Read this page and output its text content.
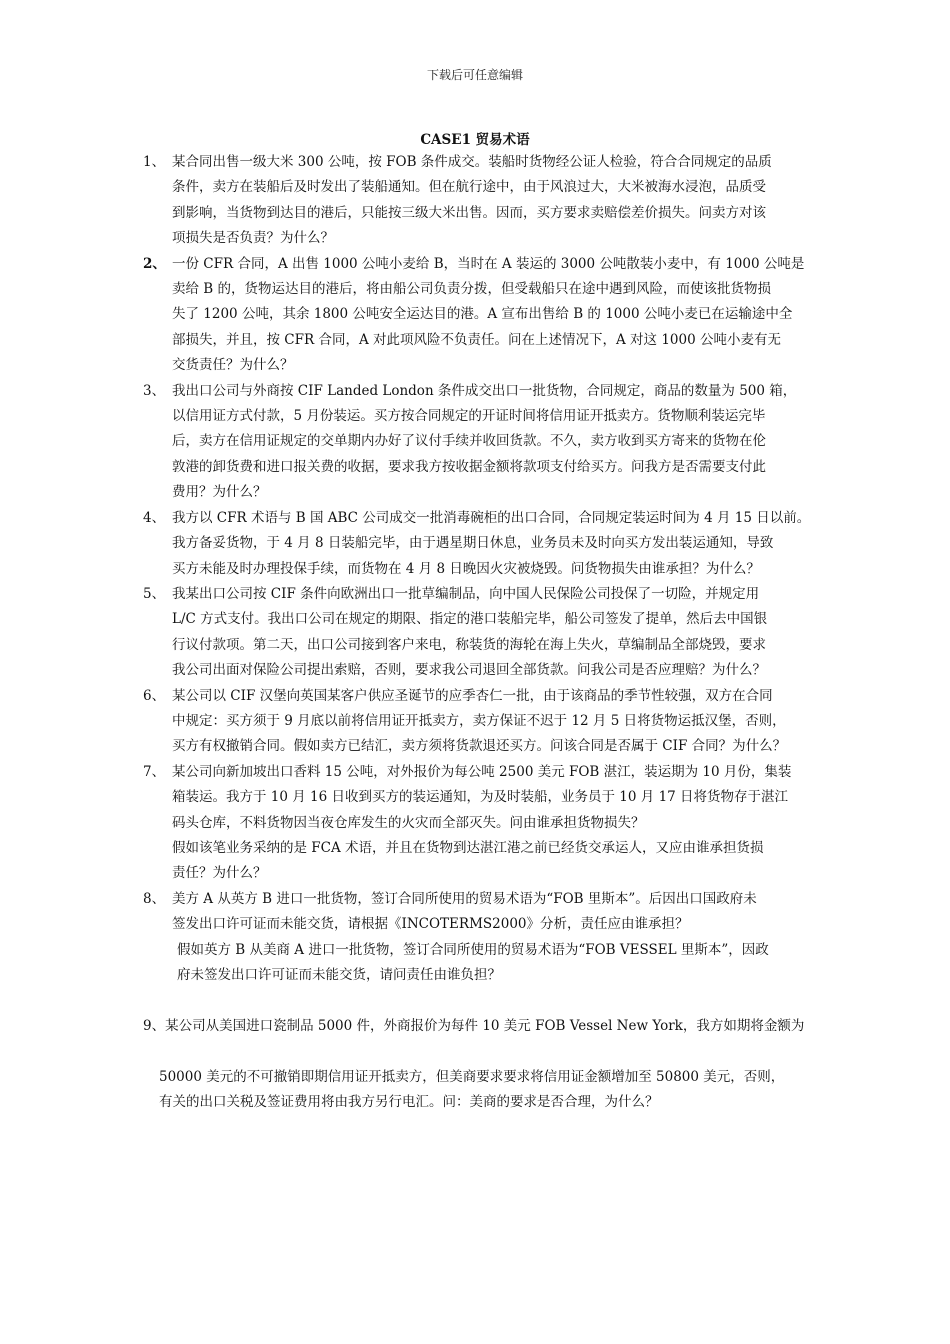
下载后可任意编辑
CASE1 贸易术语
1、 某合同出售一级大米 300 公吨，按 FOB 条件成交。装船时货物经公证人检验，符合合同规定的品质
条件，卖方在装船后及时发出了装船通知。但在航行途中，由于风浪过大，大米被海水浸泡，品质受
到影响，当货物到达目的港后，只能按三级大米出售。因而，买方要求卖赔偿差价损失。问卖方对该
项损失是否负责？为什么？
2、 一份 CFR 合同，A 出售 1000 公吨小麦给 B，当时在 A 装运的 3000 公吨散装小麦中，有 1000 公吨是
卖给 B 的，货物运达目的港后，将由船公司负责分拨，但受载船只在途中遇到风险，而使该批货物损
失了 1200 公吨，其余 1800 公吨安全运达目的港。A 宣布出售给 B 的 1000 公吨小麦已在运输途中全
部损失，并且，按 CFR 合同，A 对此项风险不负责任。问在上述情况下，A 对这 1000 公吨小麦有无
交货责任？为什么？
3、 我出口公司与外商按 CIF Landed London 条件成交出口一批货物，合同规定，商品的数量为 500 箱，
以信用证方式付款，5 月份装运。买方按合同规定的开证时间将信用证开抵卖方。货物顺利装运完毕
后，卖方在信用证规定的交单期内办好了议付手续并收回货款。不久，卖方收到买方寄来的货物在伦
敦港的卸货费和进口报关费的收据，要求我方按收据金额将款项支付给买方。问我方是否需要支付此
费用？为什么？
4、 我方以 CFR 术语与 B 国 ABC 公司成交一批消毒碗柜的出口合同，合同规定装运时间为 4 月 15 日以前。
我方备妥货物，于 4 月 8 日装船完毕，由于遇星期日休息，业务员未及时向买方发出装运通知，导致
买方未能及时办理投保手续，而货物在 4 月 8 日晚因火灾被烧毁。问货物损失由谁承担？为什么？
5、 我某出口公司按 CIF 条件向欧洲出口一批草编制品，向中国人民保险公司投保了一切险，并规定用
L/C 方式支付。我出口公司在规定的期限、指定的港口装船完毕，船公司签发了提单，然后去中国银
行议付款项。第二天，出口公司接到客户来电，称装货的海轮在海上失火，草编制品全部烧毁，要求
我公司出面对保险公司提出索赔，否则，要求我公司退回全部货款。问我公司是否应理赔？为什么？
6、 某公司以 CIF 汉堡向英国某客户供应圣诞节的应季杏仁一批，由于该商品的季节性较强，双方在合同
中规定：买方须于 9 月底以前将信用证开抵卖方，卖方保证不迟于 12 月 5 日将货物运抵汉堡，否则，
买方有权撤销合同。假如卖方已结汇，卖方须将货款退还买方。问该合同是否属于 CIF 合同？为什么？
7、 某公司向新加坡出口香料 15 公吨，对外报价为每公吨 2500 美元 FOB 湛江，装运期为 10 月份，集装
箱装运。我方于 10 月 16 日收到买方的装运通知，为及时装船，业务员于 10 月 17 日将货物存于湛江
码头仓库，不料货物因当夜仓库发生的火灾而全部灭失。问由谁承担货物损失？
假如该笔业务采纳的是 FCA 术语，并且在货物到达湛江港之前已经货交承运人，又应由谁承担货损
责任？为什么？
8、 美方 A 从英方 B 进口一批货物，签订合同所使用的贸易术语为“FOB 里斯本”。后因出口国政府未
签发出口许可证而未能交货，请根据《INCOTERMS2000》分析，责任应由谁承担？
假如英方 B 从美商 A 进口一批货物，签订合同所使用的贸易术语为“FOB VESSEL 里斯本”，因政
府未签发出口许可证而未能交货，请问责任由谁负担？

9、某公司从美国进口瓷制品 5000 件，外商报价为每件 10 美元 FOB Vessel New York，我方如期将金额为

50000 美元的不可撤销即期信用证开抵卖方，但美商要求要求将信用证金额增加至 50800 美元，否则，
有关的出口关税及签证费用将由我方另行电汇。问：美商的要求是否合理，为什么？
